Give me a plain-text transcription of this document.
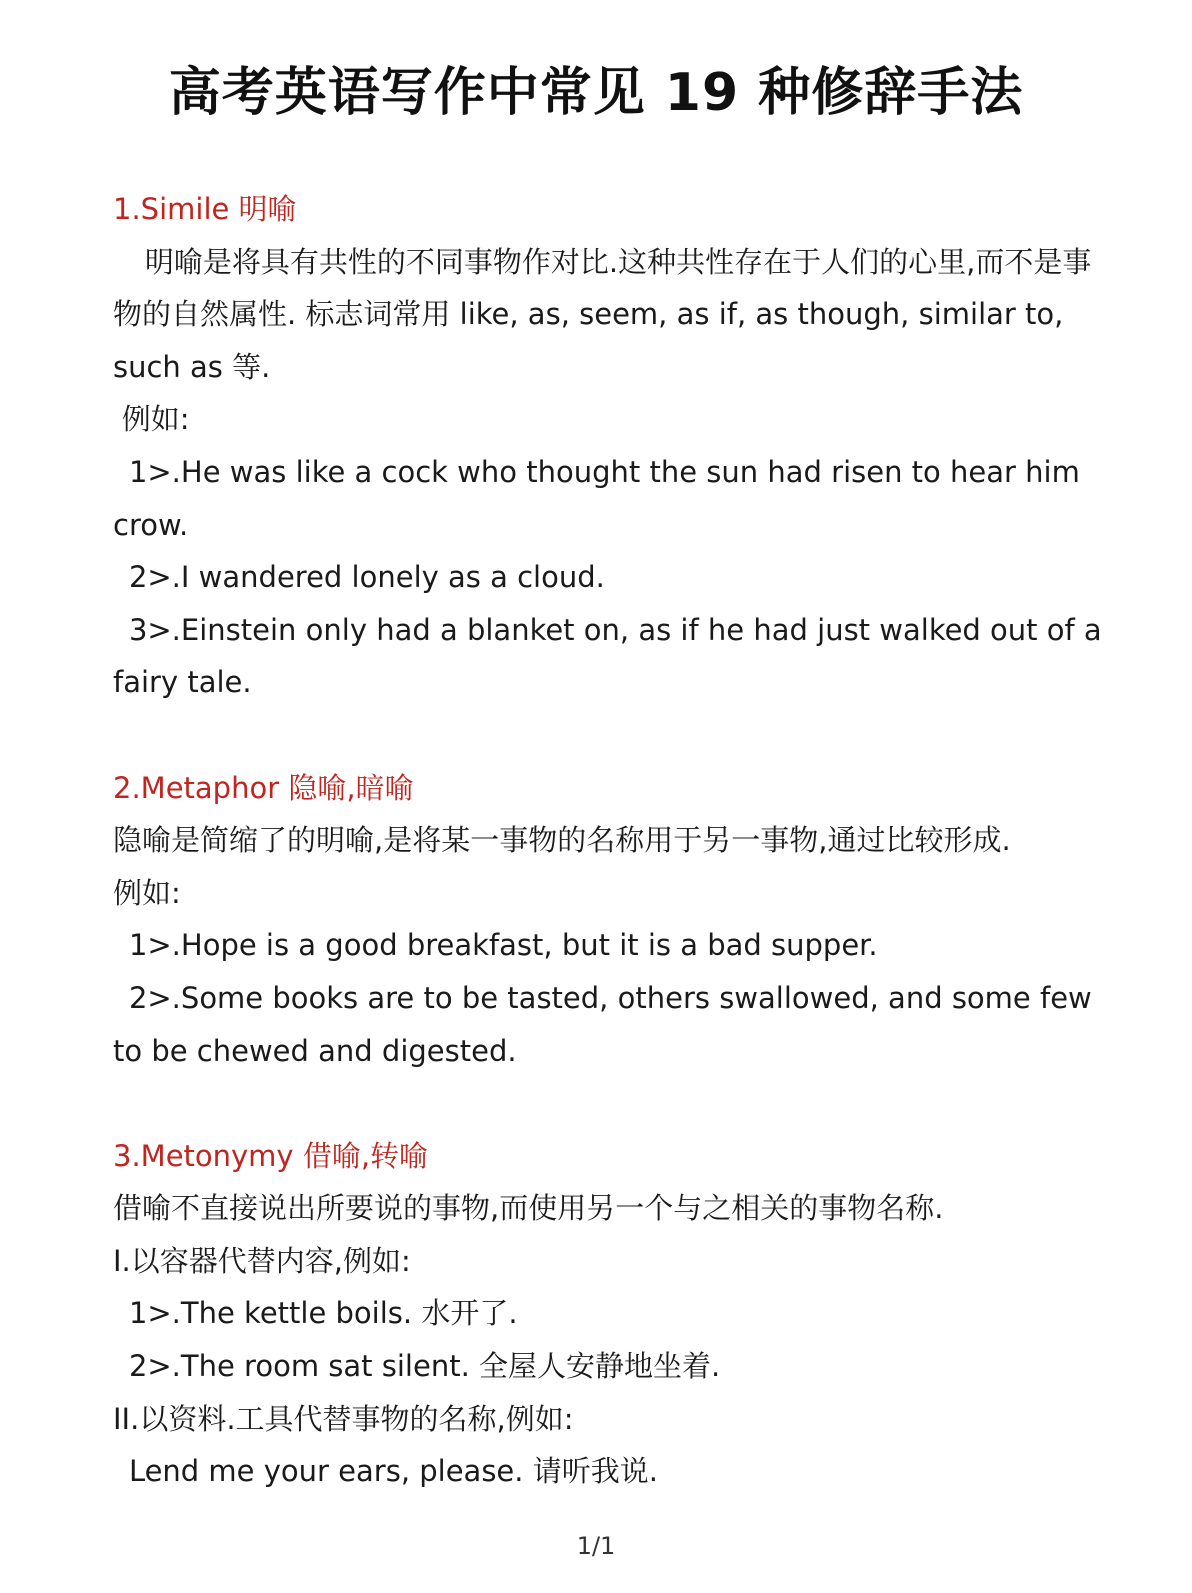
高考英语写作中常见 19 种修辞手法

1.Simile 明喻

明喻是将具有共性的不同事物作对比.这种共性存在于人们的心里,而不是事物的自然属性. 标志词常用 like, as, seem, as if, as though, similar to, such as 等.

例如:

1>.He was like a cock who thought the sun had risen to hear him crow.

2>.I wandered lonely as a cloud.

3>.Einstein only had a blanket on, as if he had just walked out of a fairy tale.

2.Metaphor 隐喻,暗喻

隐喻是简缩了的明喻,是将某一事物的名称用于另一事物,通过比较形成.

例如:

1>.Hope is a good breakfast, but it is a bad supper.

2>.Some books are to be tasted, others swallowed, and some few to be chewed and digested.

3.Metonymy 借喻,转喻

借喻不直接说出所要说的事物,而使用另一个与之相关的事物名称.

I.以容器代替内容,例如:

1>.The kettle boils. 水开了.

2>.The room sat silent. 全屋人安静地坐着.

II.以资料.工具代替事物的名称,例如:

Lend me your ears, please. 请听我说.

1/1
